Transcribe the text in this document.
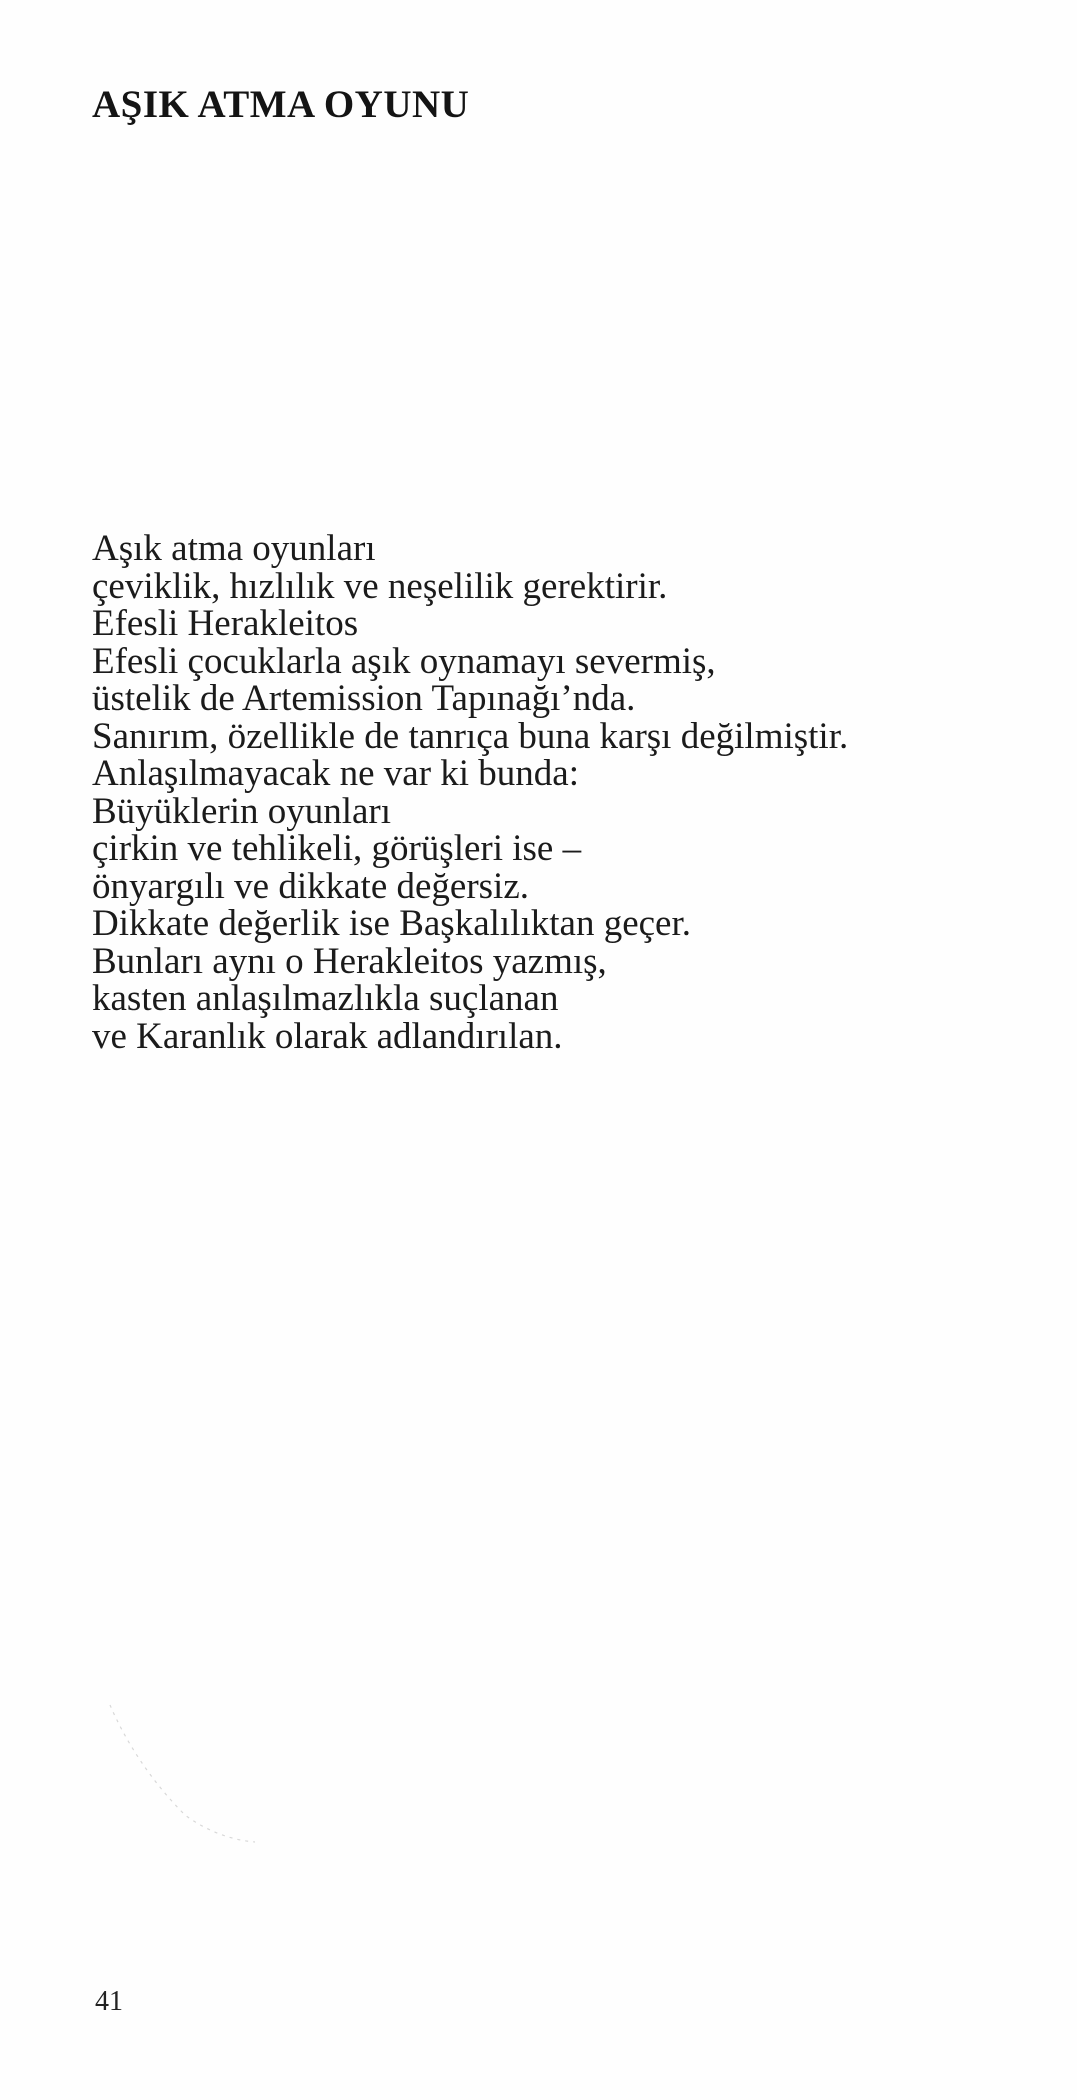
AŞIK ATMA OYUNU
Aşık atma oyunları
çeviklik, hızlılık ve neşelilik gerektirir.
Efesli Herakleitos
Efesli çocuklarla aşık oynamayı severmiş,
üstelik de Artemission Tapınağı’nda.
Sanırım, özellikle de tanrıça buna karşı değilmiştir.
Anlaşılmayacak ne var ki bunda:
Büyüklerin oyunları
çirkin ve tehlikeli, görüşleri ise –
önyargılı ve dikkate değersiz.
Dikkate değerlik ise Başkalılıktan geçer.
Bunları aynı o Herakleitos yazmış,
kasten anlaşılmazlıkla suçlanan
ve Karanlık olarak adlandırılan.

41
